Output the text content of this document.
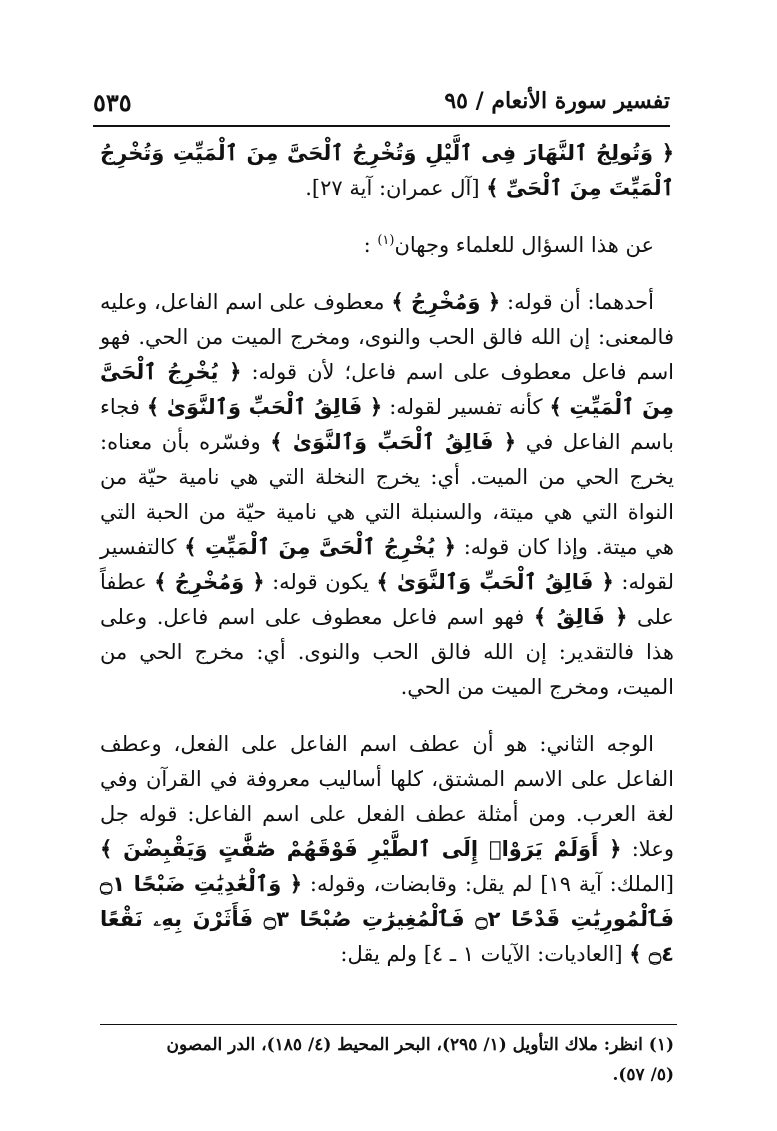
تفسير سورة الأنعام / ٩٥
٥٣٥

﴿ وَتُولِجُ ٱلنَّهَارَ فِى ٱلَّيْلِ وَتُخْرِجُ ٱلْحَىَّ مِنَ ٱلْمَيِّتِ وَتُخْرِجُ ٱلْمَيِّتَ مِنَ ٱلْحَىِّ ﴾ [آل عمران: آية ٢٧].

عن هذا السؤال للعلماء وجهان$^{(١)}$ :

أحدهما: أن قوله: ﴿ وَمُخْرِجُ ﴾ معطوف على اسم الفاعل، وعليه فالمعنى: إن الله فالق الحب والنوى، ومخرج الميت من الحي. فهو اسم فاعل معطوف على اسم فاعل؛ لأن قوله: ﴿ يُخْرِجُ ٱلْحَىَّ مِنَ ٱلْمَيِّتِ ﴾ كأنه تفسير لقوله: ﴿ فَالِقُ ٱلْحَبِّ وَٱلنَّوَىٰ ﴾ فجاء باسم الفاعل في ﴿ فَالِقُ ٱلْحَبِّ وَٱلنَّوَىٰ ﴾ وفسّره بأن معناه: يخرج الحي من الميت. أي: يخرج النخلة التي هي نامية حيّة من النواة التي هي ميتة، والسنبلة التي هي نامية حيّة من الحبة التي هي ميتة. وإذا كان قوله: ﴿ يُخْرِجُ ٱلْحَىَّ مِنَ ٱلْمَيِّتِ ﴾ كالتفسير لقوله: ﴿ فَالِقُ ٱلْحَبِّ وَٱلنَّوَىٰ ﴾ يكون قوله: ﴿ وَمُخْرِجُ ﴾ عطفاً على ﴿ فَالِقُ ﴾ فهو اسم فاعل معطوف على اسم فاعل. وعلى هذا فالتقدير: إن الله فالق الحب والنوى. أي: مخرج الحي من الميت، ومخرج الميت من الحي.

الوجه الثاني: هو أن عطف اسم الفاعل على الفعل، وعطف الفاعل على الاسم المشتق، كلها أساليب معروفة في القرآن وفي لغة العرب. ومن أمثلة عطف الفعل على اسم الفاعل: قوله جل وعلا: ﴿ أَوَلَمْ يَرَوْا۟ إِلَى ٱلطَّيْرِ فَوْقَهُمْ صَٰٓفَّٰتٍ وَيَقْبِضْنَ ﴾ [الملك: آية ١٩] لم يقل: وقابضات، وقوله: ﴿ وَٱلْعَٰدِيَٰتِ ضَبْحًا ۝١ فَٱلْمُورِيَٰتِ قَدْحًا ۝٢ فَٱلْمُغِيرَٰتِ صُبْحًا ۝٣ فَأَثَرْنَ بِهِۦ نَقْعًا ۝٤ ﴾ [العاديات: الآيات ١ ـ ٤] ولم يقل:

(١) انظر: ملاك التأويل (١/ ٢٩٥)، البحر المحيط (٤/ ١٨٥)، الدر المصون

(٥/ ٥٧).
